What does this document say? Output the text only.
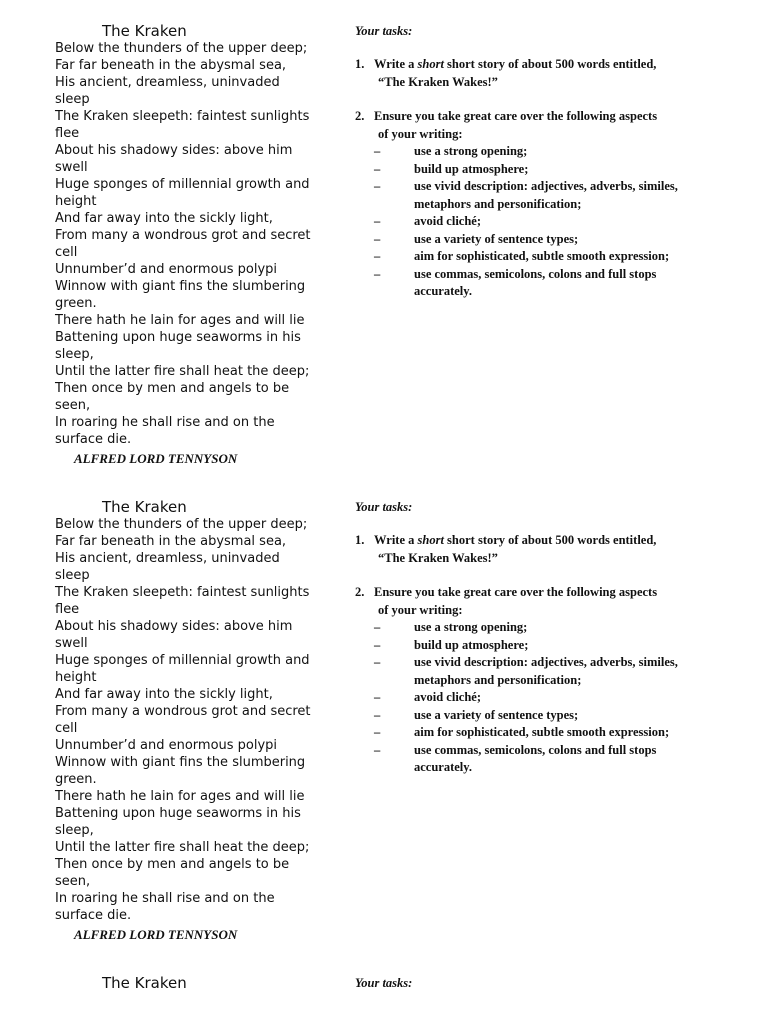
The Kraken
Below the thunders of the upper deep;
Far far beneath in the abysmal sea,
His ancient, dreamless, uninvaded
sleep
The Kraken sleepeth: faintest sunlights
flee
About his shadowy sides: above him
swell
Huge sponges of millennial growth and
height
And far away into the sickly light,
From many a wondrous grot and secret
cell
Unnumber’d and enormous polypi
Winnow with giant fins the slumbering
green.
There hath he lain for ages and will lie
Battening upon huge seaworms in his
sleep,
Until the latter fire shall heat the deep;
Then once by men and angels to be
seen,
In roaring he shall rise and on the
surface die.
ALFRED LORD TENNYSON
Your tasks:
1. Write a short short story of about 500 words entitled,
“The Kraken Wakes!”
2. Ensure you take great care over the following aspects
of your writing:
–	use a strong opening;
–	build up atmosphere;
–	use vivid description: adjectives, adverbs, similes, metaphors and personification;
–	avoid cliché;
–	use a variety of sentence types;
–	aim for sophisticated, subtle smooth expression;
–	use commas, semicolons, colons and full stops accurately.
The Kraken
Below the thunders of the upper deep;
Far far beneath in the abysmal sea,
His ancient, dreamless, uninvaded
sleep
The Kraken sleepeth: faintest sunlights
flee
About his shadowy sides: above him
swell
Huge sponges of millennial growth and
height
And far away into the sickly light,
From many a wondrous grot and secret
cell
Unnumber’d and enormous polypi
Winnow with giant fins the slumbering
green.
There hath he lain for ages and will lie
Battening upon huge seaworms in his
sleep,
Until the latter fire shall heat the deep;
Then once by men and angels to be
seen,
In roaring he shall rise and on the
surface die.
ALFRED LORD TENNYSON
Your tasks:
1. Write a short short story of about 500 words entitled,
“The Kraken Wakes!”
2. Ensure you take great care over the following aspects
of your writing:
–	use a strong opening;
–	build up atmosphere;
–	use vivid description: adjectives, adverbs, similes, metaphors and personification;
–	avoid cliché;
–	use a variety of sentence types;
–	aim for sophisticated, subtle smooth expression;
–	use commas, semicolons, colons and full stops accurately.
The Kraken	Your tasks:
